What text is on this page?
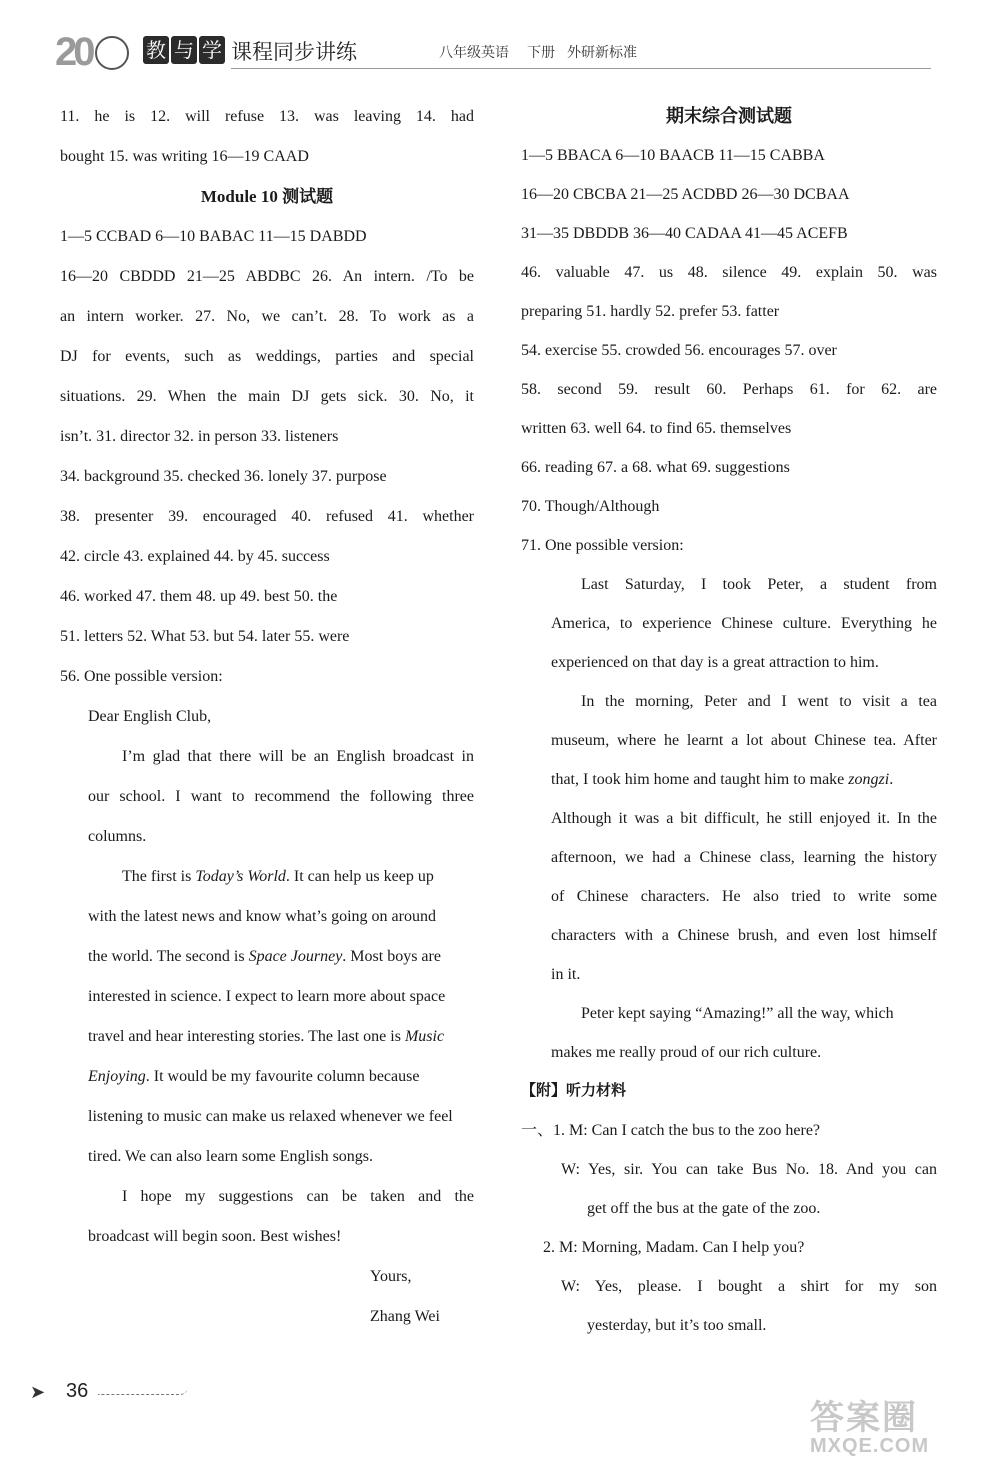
20	教 与 学 课程同步讲练	八年级英语 下册 外研新标准
11. he is 12. will refuse 13. was leaving 14. had
bought 15. was writing 16—19 CAAD
Module 10 测试题
1—5 CCBAD 6—10 BABAC 11—15 DABDD
16—20 CBDDD 21—25 ABDBC 26. An intern. /To be
an intern worker. 27. No, we can’t. 28. To work as a
DJ for events, such as weddings, parties and special
situations. 29. When the main DJ gets sick. 30. No, it
isn’t. 31. director 32. in person 33. listeners
34. background 35. checked 36. lonely 37. purpose
38. presenter 39. encouraged 40. refused 41. whether
42. circle 43. explained 44. by 45. success
46. worked 47. them 48. up 49. best 50. the
51. letters 52. What 53. but 54. later 55. were
56. One possible version:
Dear English Club,
I’m glad that there will be an English broadcast in
our school. I want to recommend the following three
columns.
The first is Today’s World. It can help us keep up
with the latest news and know what’s going on around
the world. The second is Space Journey. Most boys are
interested in science. I expect to learn more about space
travel and hear interesting stories. The last one is Music
Enjoying. It would be my favourite column because
listening to music can make us relaxed whenever we feel
tired. We can also learn some English songs.
I hope my suggestions can be taken and the
broadcast will begin soon. Best wishes!
Yours,
Zhang Wei
期末综合测试题
1—5 BBACA 6—10 BAACB 11—15 CABBA
16—20 CBCBA 21—25 ACDBD 26—30 DCBAA
31—35 DBDDB 36—40 CADAA 41—45 ACEFB
46. valuable 47. us 48. silence 49. explain 50. was
preparing 51. hardly 52. prefer 53. fatter
54. exercise 55. crowded 56. encourages 57. over
58. second 59. result 60. Perhaps 61. for 62. are
written 63. well 64. to find 65. themselves
66. reading 67. a 68. what 69. suggestions
70. Though/Although
71. One possible version:
Last Saturday, I took Peter, a student from
America, to experience Chinese culture. Everything he
experienced on that day is a great attraction to him.
In the morning, Peter and I went to visit a tea
museum, where he learnt a lot about Chinese tea. After
that, I took him home and taught him to make zongzi.
Although it was a bit difficult, he still enjoyed it. In the
afternoon, we had a Chinese class, learning the history
of Chinese characters. He also tried to write some
characters with a Chinese brush, and even lost himself
in it.
Peter kept saying “Amazing!” all the way, which
makes me really proud of our rich culture.
【附】听力材料
一、1. M: Can I catch the bus to the zoo here?
W: Yes, sir. You can take Bus No. 18. And you can
get off the bus at the gate of the zoo.
2. M: Morning, Madam. Can I help you?
W: Yes, please. I bought a shirt for my son
yesterday, but it’s too small.
➤ 36
答案圈
MXQE.COM
